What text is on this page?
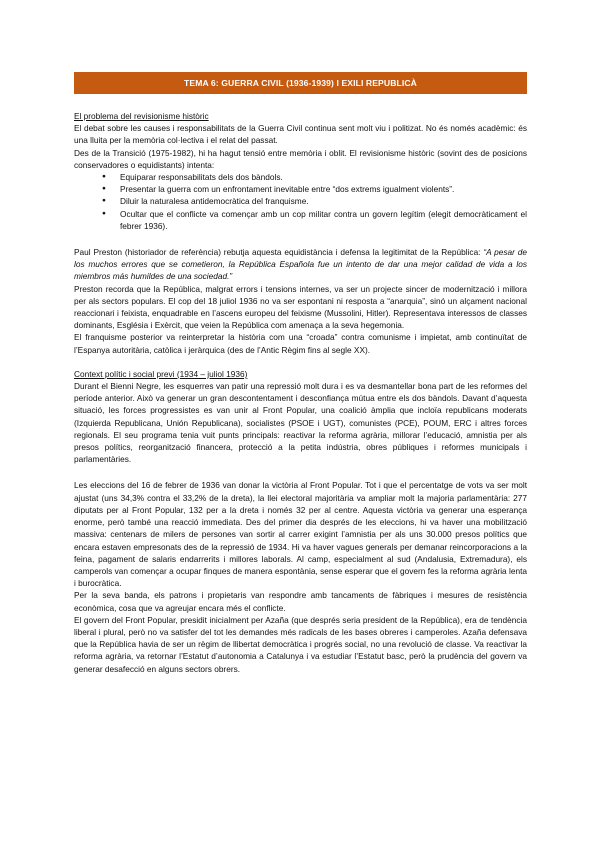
TEMA 6: GUERRA CIVIL (1936-1939) I EXILI REPUBLICÀ

El problema del revisionisme històric

El debat sobre les causes i responsabilitats de la Guerra Civil continua sent molt viu i politizat. No és només acadèmic: és una lluita per la memòria col·lectiva i el relat del passat.

Des de la Transició (1975-1982), hi ha hagut tensió entre memòria i oblit. El revisionisme històric (sovint des de posicions conservadores o equidistants) intenta:

● Equiparar responsabilitats dels dos bàndols.
● Presentar la guerra com un enfrontament inevitable entre “dos extrems igualment violents”.
● Diluir la naturalesa antidemocràtica del franquisme.
● Ocultar que el conflicte va començar amb un cop militar contra un govern legítim (elegit democràticament el febrer 1936).

Paul Preston (historiador de referència) rebutja aquesta equidistància i defensa la legitimitat de la República: “A pesar de los muchos errores que se cometieron, la República Española fue un intento de dar una mejor calidad de vida a los miembros más humildes de una sociedad.”

Preston recorda que la República, malgrat errors i tensions internes, va ser un projecte sincer de modernització i millora per als sectors populars. El cop del 18 juliol 1936 no va ser espontani ni resposta a “anarquia”, sinó un alçament nacional reaccionari i feixista, enquadrable en l’ascens europeu del feixisme (Mussolini, Hitler). Representava interessos de classes dominants, Església i Exèrcit, que veien la República com amenaça a la seva hegemonia.

El franquisme posterior va reinterpretar la història com una “croada” contra comunisme i impietat, amb continuïtat de l’Espanya autoritària, catòlica i jeràrquica (des de l’Antic Règim fins al segle XX).

Context polític i social previ (1934 – juliol 1936)

Durant el Bienni Negre, les esquerres van patir una repressió molt dura i es va desmantellar bona part de les reformes del període anterior. Això va generar un gran descontentament i desconfiança mútua entre els dos bàndols. Davant d’aquesta situació, les forces progressistes es van unir al Front Popular, una coalició àmplia que incloïa republicans moderats (Izquierda Republicana, Unión Republicana), socialistes (PSOE i UGT), comunistes (PCE), POUM, ERC i altres forces regionals. El seu programa tenia vuit punts principals: reactivar la reforma agrària, millorar l’educació, amnistia per als presos polítics, reorganització financera, protecció a la petita indústria, obres públiques i reformes municipals i parlamentàries.

Les eleccions del 16 de febrer de 1936 van donar la victòria al Front Popular. Tot i que el percentatge de vots va ser molt ajustat (uns 34,3% contra el 33,2% de la dreta), la llei electoral majoritària va ampliar molt la majoria parlamentària: 277 diputats per al Front Popular, 132 per a la dreta i només 32 per al centre. Aquesta victòria va generar una esperança enorme, però també una reacció immediata. Des del primer dia després de les eleccions, hi va haver una mobilització massiva: centenars de milers de persones van sortir al carrer exigint l’amnistia per als uns 30.000 presos polítics que encara estaven empresonats des de la repressió de 1934. Hi va haver vagues generals per demanar reincorporacions a la feina, pagament de salaris endarrerits i millores laborals. Al camp, especialment al sud (Andalusia, Extremadura), els camperols van començar a ocupar finques de manera espontània, sense esperar que el govern fes la reforma agrària lenta i burocràtica.

Per la seva banda, els patrons i propietaris van respondre amb tancaments de fàbriques i mesures de resistència econòmica, cosa que va agreujar encara més el conflicte.

El govern del Front Popular, presidit inicialment per Azaña (que després seria president de la República), era de tendència liberal i plural, però no va satisfer del tot les demandes més radicals de les bases obreres i camperoles. Azaña defensava que la República havia de ser un règim de llibertat democràtica i progrés social, no una revolució de classe. Va reactivar la reforma agrària, va retornar l’Estatut d’autonomia a Catalunya i va estudiar l’Estatut basc, però la prudència del govern va generar desafecció en alguns sectors obrers.
